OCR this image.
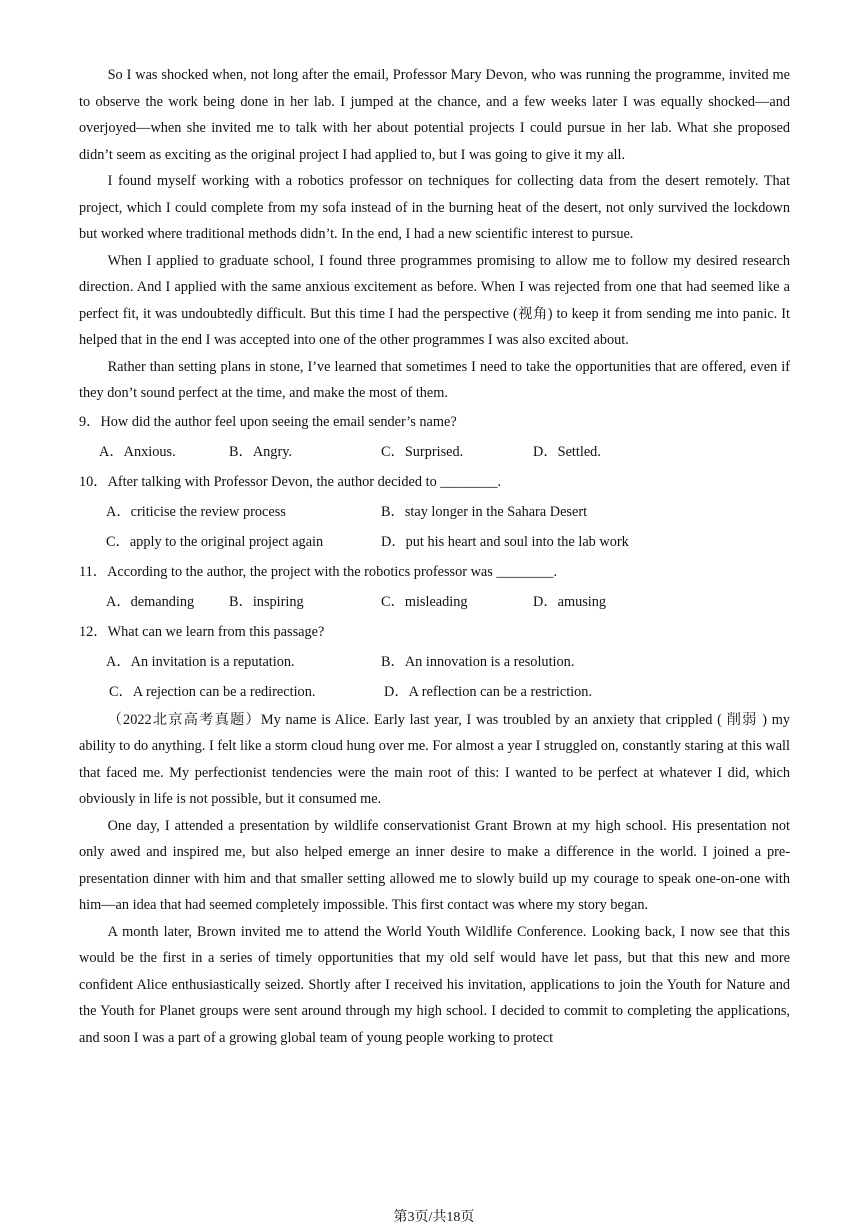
So I was shocked when, not long after the email, Professor Mary Devon, who was running the programme, invited me to observe the work being done in her lab. I jumped at the chance, and a few weeks later I was equally shocked—and overjoyed—when she invited me to talk with her about potential projects I could pursue in her lab. What she proposed didn’t seem as exciting as the original project I had applied to, but I was going to give it my all.

I found myself working with a robotics professor on techniques for collecting data from the desert remotely. That project, which I could complete from my sofa instead of in the burning heat of the desert, not only survived the lockdown but worked where traditional methods didn’t. In the end, I had a new scientific interest to pursue.

When I applied to graduate school, I found three programmes promising to allow me to follow my desired research direction. And I applied with the same anxious excitement as before. When I was rejected from one that had seemed like a perfect fit, it was undoubtedly difficult. But this time I had the perspective (视角) to keep it from sending me into panic. It helped that in the end I was accepted into one of the other programmes I was also excited about.

Rather than setting plans in stone, I’ve learned that sometimes I need to take the opportunities that are offered, even if they don’t sound perfect at the time, and make the most of them.

9．How did the author feel upon seeing the email sender’s name?
A．Anxious.	B．Angry.	C．Surprised.	D．Settled.
10．After talking with Professor Devon, the author decided to ________.
A．criticise the review process	B．stay longer in the Sahara Desert
C．apply to the original project again	D．put his heart and soul into the lab work
11．According to the author, the project with the robotics professor was ________.
A．demanding B．inspiring	C．misleading	D．amusing
12．What can we learn from this passage?
A．An invitation is a reputation.	B．An innovation is a resolution.
C．A rejection can be a redirection.	D．A reflection can be a restriction.

（2022北京高考真题）My name is Alice. Early last year, I was troubled by an anxiety that crippled ( 削弱 ) my ability to do anything. I felt like a storm cloud hung over me. For almost a year I struggled on, constantly staring at this wall that faced me. My perfectionist tendencies were the main root of this: I wanted to be perfect at whatever I did, which obviously in life is not possible, but it consumed me.

One day, I attended a presentation by wildlife conservationist Grant Brown at my high school. His presentation not only awed and inspired me, but also helped emerge an inner desire to make a difference in the world. I joined a pre-presentation dinner with him and that smaller setting allowed me to slowly build up my courage to speak one-on-one with him—an idea that had seemed completely impossible. This first contact was where my story began.

A month later, Brown invited me to attend the World Youth Wildlife Conference. Looking back, I now see that this would be the first in a series of timely opportunities that my old self would have let pass, but that this new and more confident Alice enthusiastically seized. Shortly after I received his invitation, applications to join the Youth for Nature and the Youth for Planet groups were sent around through my high school. I decided to commit to completing the applications, and soon I was a part of a growing global team of young people working to protect

第3页/共18页
